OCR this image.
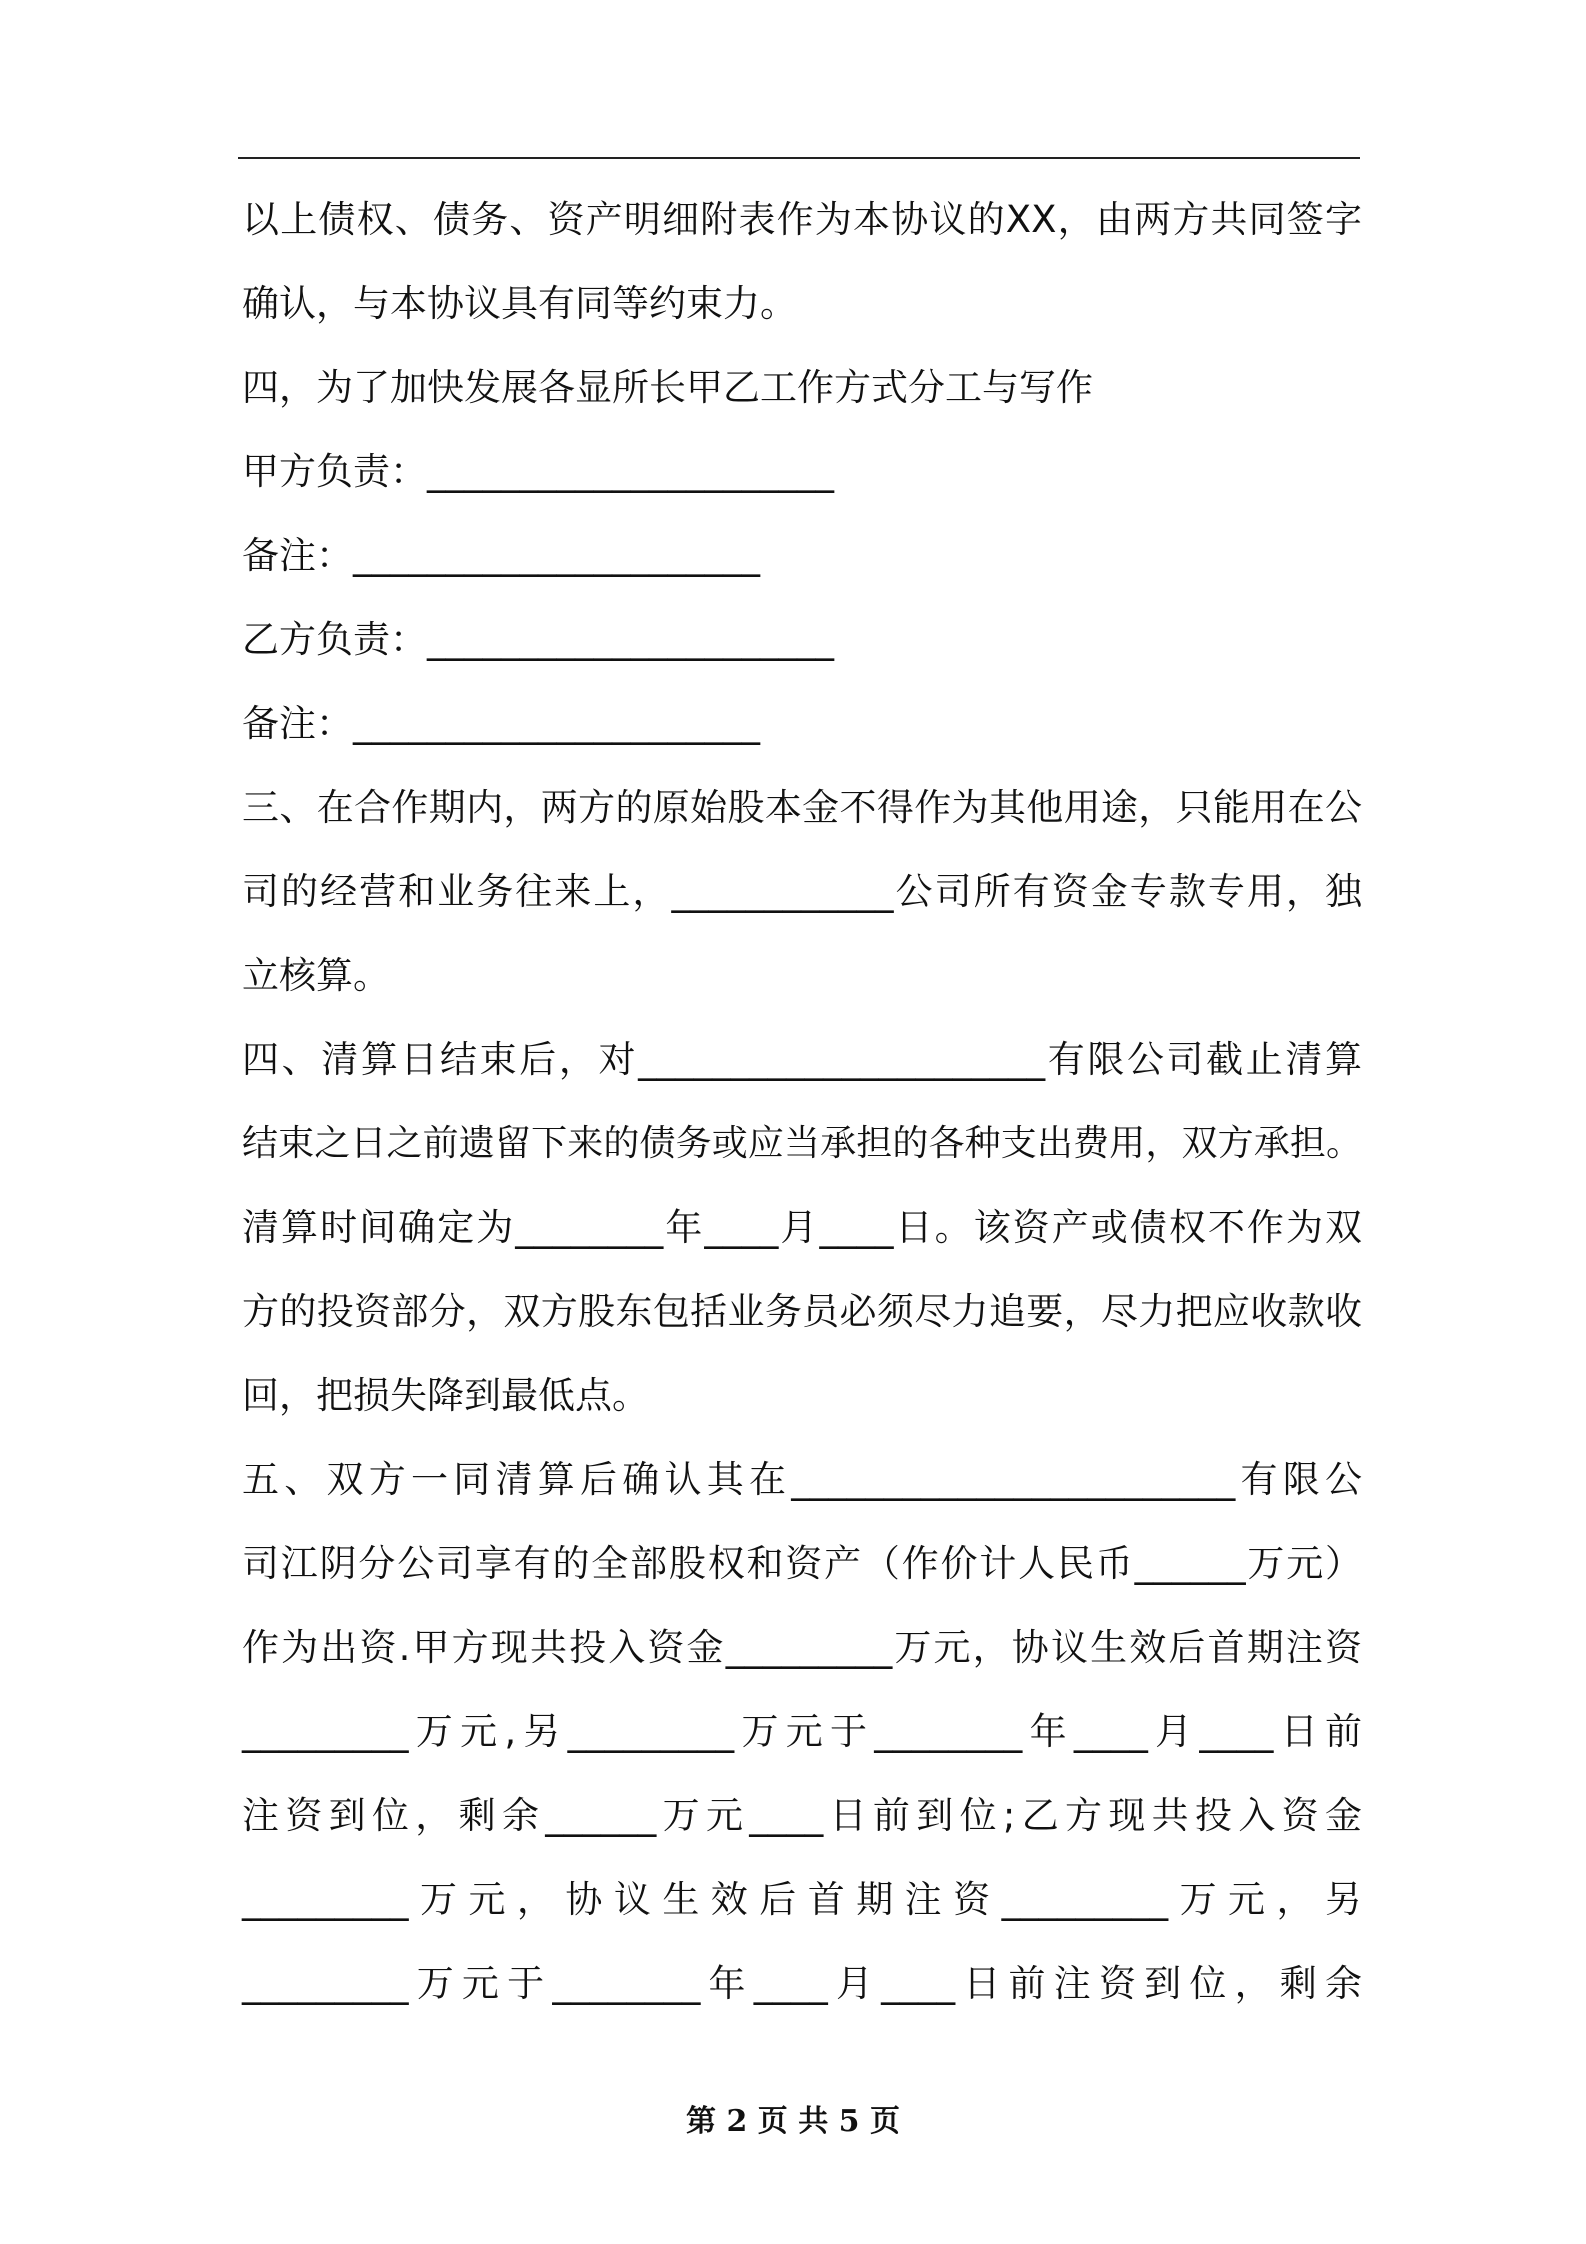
以上债权、债务、资产明细附表作为本协议的XX，由两方共同签字
确认，与本协议具有同等约束力。
四，为了加快发展各显所长甲乙工作方式分工与写作
甲方负责：______________________
备注：______________________
乙方负责：______________________
备注：______________________
三、在合作期内，两方的原始股本金不得作为其他用途，只能用在公
司的经营和业务往来上，____________公司所有资金专款专用，独
立核算。
四、清算日结束后，对______________________有限公司截止清算
结束之日之前遗留下来的债务或应当承担的各种支出费用，双方承担。
清算时间确定为________年____月____日。该资产或债权不作为双
方的投资部分，双方股东包括业务员必须尽力追要，尽力把应收款收
回，把损失降到最低点。
五、双方一同清算后确认其在________________________有限公
司江阴分公司享有的全部股权和资产（作价计人民币______万元）
作为出资.甲方现共投入资金_________万元，协议生效后首期注资
_________万元,另_________万元于________年____月____日前
注资到位，剩余______万元____日前到位;乙方现共投入资金
_________万元，协议生效后首期注资_________万元，另
_________万元于________年____月____日前注资到位，剩余
第 2 页 共 5 页
